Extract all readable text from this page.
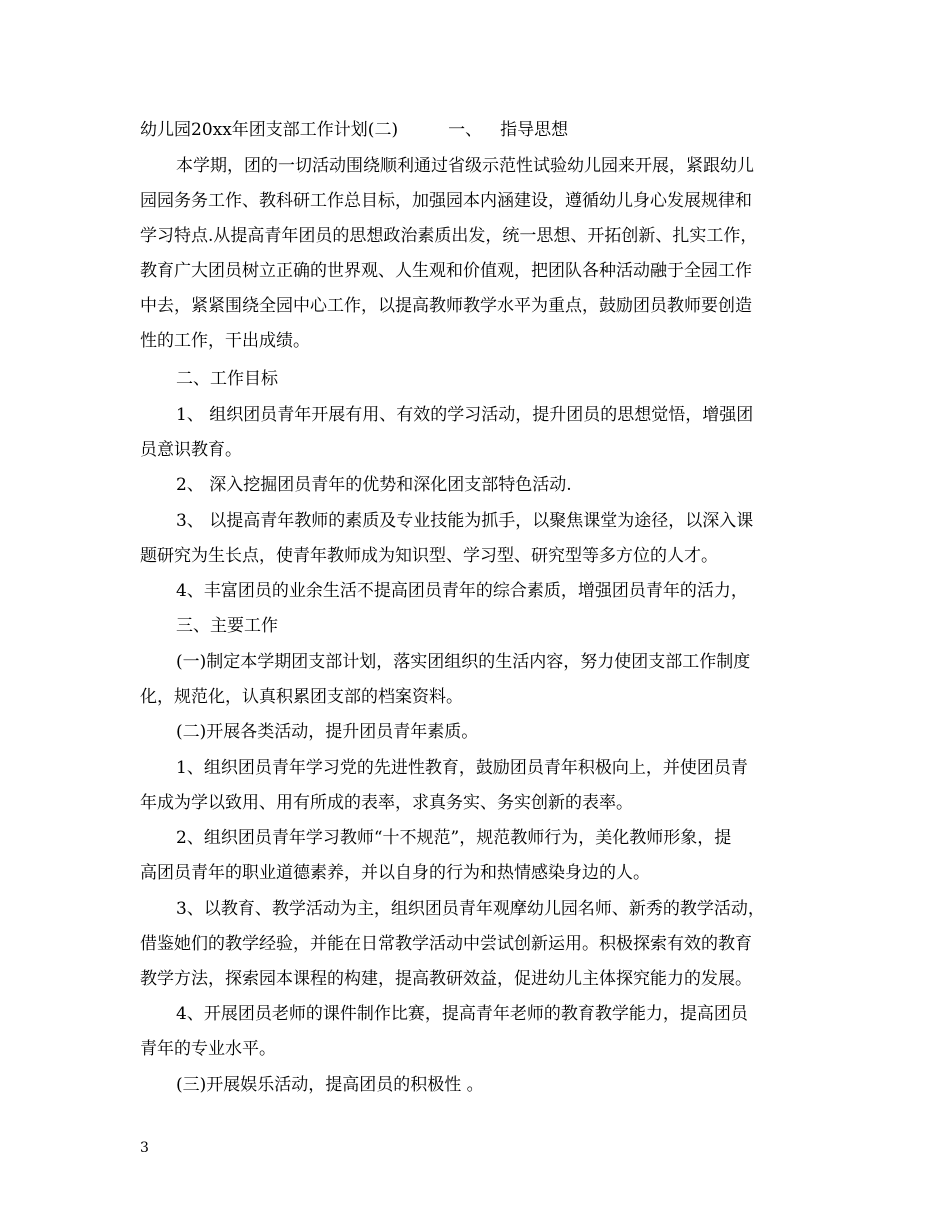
幼儿园20xx年团支部工作计划(二)	一、 指导思想
本学期，团的一切活动围绕顺利通过省级示范性试验幼儿园来开展，紧跟幼儿
园园务务工作、教科研工作总目标，加强园本内涵建设，遵循幼儿身心发展规律和
学习特点.从提高青年团员的思想政治素质出发，统一思想、开拓创新、扎实工作，
教育广大团员树立正确的世界观、人生观和价值观，把团队各种活动融于全园工作
中去，紧紧围绕全园中心工作，以提高教师教学水平为重点，鼓励团员教师要创造
性的工作，干出成绩。
二、工作目标
1、 组织团员青年开展有用、有效的学习活动，提升团员的思想觉悟，增强团
员意识教育。
2、 深入挖掘团员青年的优势和深化团支部特色活动.
3、 以提高青年教师的素质及专业技能为抓手，以聚焦课堂为途径，以深入课
题研究为生长点，使青年教师成为知识型、学习型、研究型等多方位的人才。
4、丰富团员的业余生活不提高团员青年的综合素质，增强团员青年的活力，
三、主要工作
(一)制定本学期团支部计划，落实团组织的生活内容，努力使团支部工作制度
化，规范化，认真积累团支部的档案资料。
(二)开展各类活动，提升团员青年素质。
1、组织团员青年学习党的先进性教育，鼓励团员青年积极向上，并使团员青
年成为学以致用、用有所成的表率，求真务实、务实创新的表率。
2、组织团员青年学习教师“十不规范”，规范教师行为，美化教师形象，提
高团员青年的职业道德素养，并以自身的行为和热情感染身边的人。
3、以教育、教学活动为主，组织团员青年观摩幼儿园名师、新秀的教学活动，
借鉴她们的教学经验，并能在日常教学活动中尝试创新运用。积极探索有效的教育
教学方法，探索园本课程的构建，提高教研效益，促进幼儿主体探究能力的发展。
4、开展团员老师的课件制作比赛，提高青年老师的教育教学能力，提高团员
青年的专业水平。
(三)开展娱乐活动，提高团员的积极性 。
3
